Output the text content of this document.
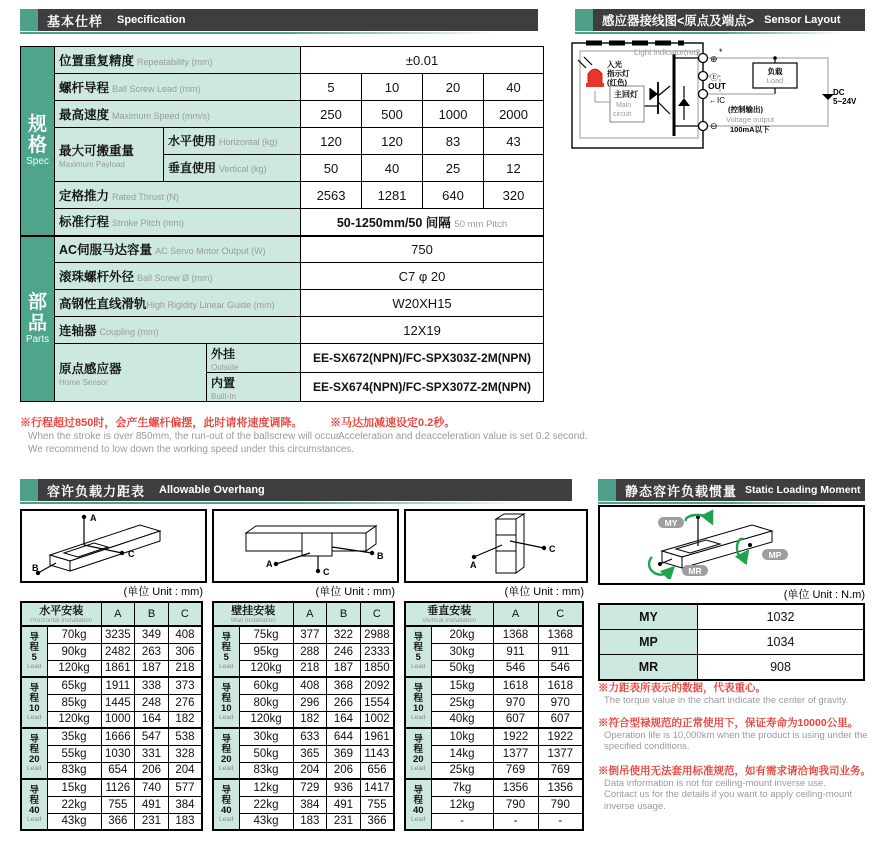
基本仕样 Specification	感应器接线图<原点及端点> Sensor Layout
规格
Spec	位置重复精度 Repeatability (mm)			±0.01			
	螺杆导程 Ball Screw Lead (mm)			5	10	20	40
	最高速度 Maximum Speed (mm/s)			250	500	1000	2000
	最大可搬重量
Maximum Payload	水平使用 Horizontal (kg)		120	120	83	43
		垂直使用 Vertical (kg)		50	40	25	12
	定格推力 Rated Thrust (N)			2563	1281	640	320
	标准行程 Stroke Pitch (mm)			50-1250mm/50 间隔 50 mm Pitch			

部品
Parts	AC伺服马达容量 AC Servo Motor Output (W)			750			
	滚珠螺杆外径 Ball Screw Ø (mm)			C7 φ 20			
	高钢性直线滑轨High Rigidity Linear Guide (mm)			W20XH15			
	连轴器 Coupling (mm)			12X19			
	原点感应器
Home Sensor		外挂
Outside	EE-SX672(NPN)/FC-SPX303Z-2M(NPN)			
			内置
Built-In	EE-SX674(NPN)/FC-SPX307Z-2M(NPN)			
※行程超过850时，会产生螺杆偏摆，此时请将速度调降。
When the stroke is over 850mm, the run-out of the ballscrew will occur.
We recommend to low down the working speed under this circumstances.
※马达加减速设定0.2秒。
Acceleration and deacceleration value is set 0.2 second.
Light indicator(red)
入光
指示灯
(红色)
主回灯
Main
circuit
⊕
*
Ⓛ
OUT
←IC
(控制输出)
Voltage output
100mA以下
负载
Load
⊖
DC
5~24V
容许负载力距表 Allowable Overhang	静态容许负载惯量 Static Loading Moment
A
C
B	A
B
C
A
C
(单位 Unit : mm)	(单位 Unit : mm)	(单位 Unit : mm)
水平安装
Horizontal Installation		A	B	C

导
程
5
Lead	70kg	3235	349	408
	90kg	2482	263	306
	120kg	1861	187	218

导
程
10
Lead	65kg	1911	338	373
	85kg	1445	248	276
	120kg	1000	164	182

导
程
20
Lead	35kg	1666	547	538
	55kg	1030	331	328
	83kg	654	206	204

导
程
40
Lead	15kg	1126	740	577
	22kg	755	491	384
	43kg	366	231	183
壁挂安装
Wall Installation		A	B	C

导
程
5
Lead	75kg	377	322	2988
	95kg	288	246	2333
	120kg	218	187	1850

导
程
10
Lead	60kg	408	368	2092
	80kg	296	266	1554
	120kg	182	164	1002

导
程
20
Lead	30kg	633	644	1961
	50kg	365	369	1143
	83kg	204	206	656

导
程
40
Lead	12kg	729	936	1417
	22kg	384	491	755
	43kg	183	231	366
垂直安装
Vertical Installation		A	C

导
程
5
Lead	20kg	1368	1368
	30kg	911	911
	50kg	546	546

导
程
10
Lead	15kg	1618	1618
	25kg	970	970
	40kg	607	607

导
程
20
Lead	10kg	1922	1922
	14kg	1377	1377
	25kg	769	769

导
程
40
Lead	7kg	1356	1356
	12kg	790	790
	-	-	-
MY
MP
MR
(单位 Unit : N.m)
MY	1032
MP	1034
MR	908
※力距表所表示的数据，代表重心。
The torque value in the chart indicate the center of gravity.
※符合型禄规范的正常使用下，保证寿命为10000公里。
Operation life is 10,000km when the product is using under the
specified conditions.
※倒吊使用无法套用标准规范，如有需求请洽询我司业务。
Data information is not for ceiling-mount inverse use.
Contact us for the details if you want to apply ceiling-mount
inverse usage.
